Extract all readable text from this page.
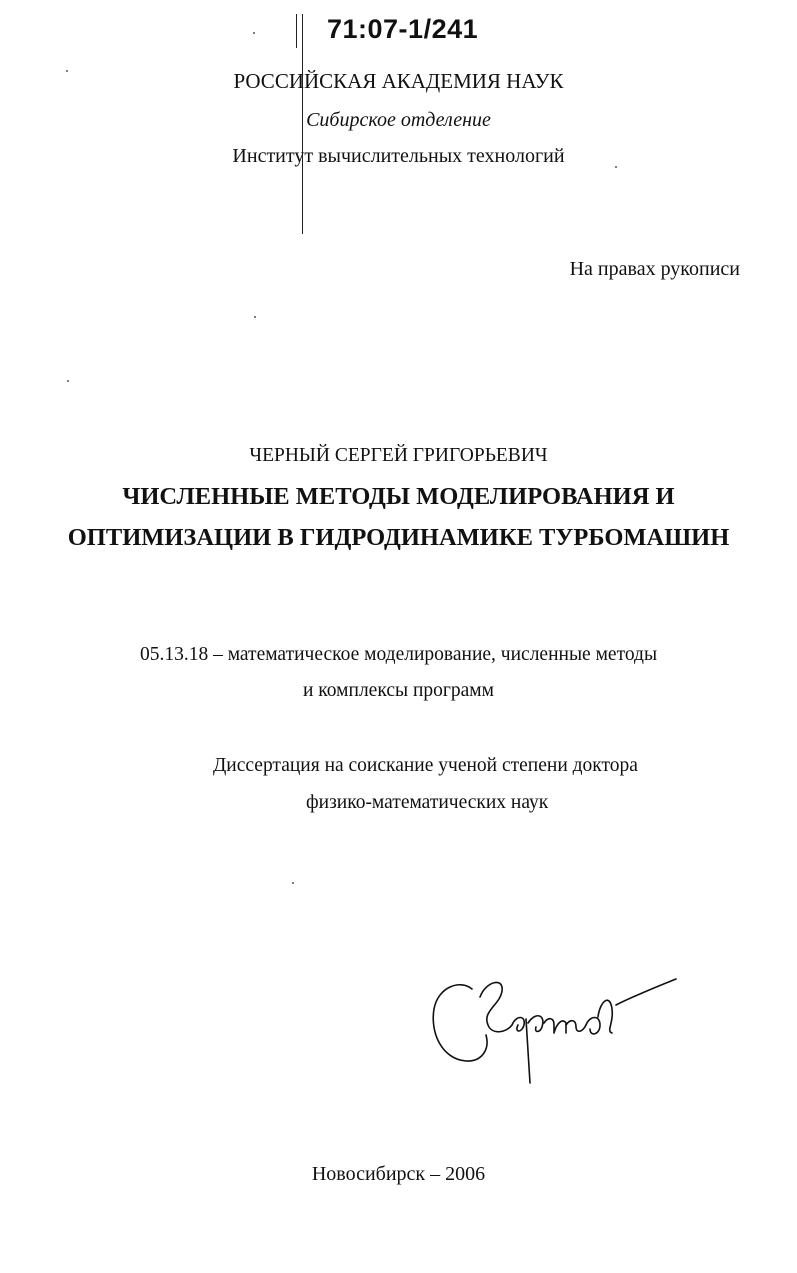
71:07-1/241
РОССИЙСКАЯ АКАДЕМИЯ НАУК
Сибирское отделение
Институт вычислительных технологий
На правах рукописи
ЧЕРНЫЙ СЕРГЕЙ ГРИГОРЬЕВИЧ
ЧИСЛЕННЫЕ МЕТОДЫ МОДЕЛИРОВАНИЯ И
ОПТИМИЗАЦИИ В ГИДРОДИНАМИКЕ ТУРБОМАШИН
05.13.18 – математическое моделирование, численные методы
и комплексы программ
Диссертация на соискание ученой степени доктора
физико-математических наук
Новосибирск – 2006
